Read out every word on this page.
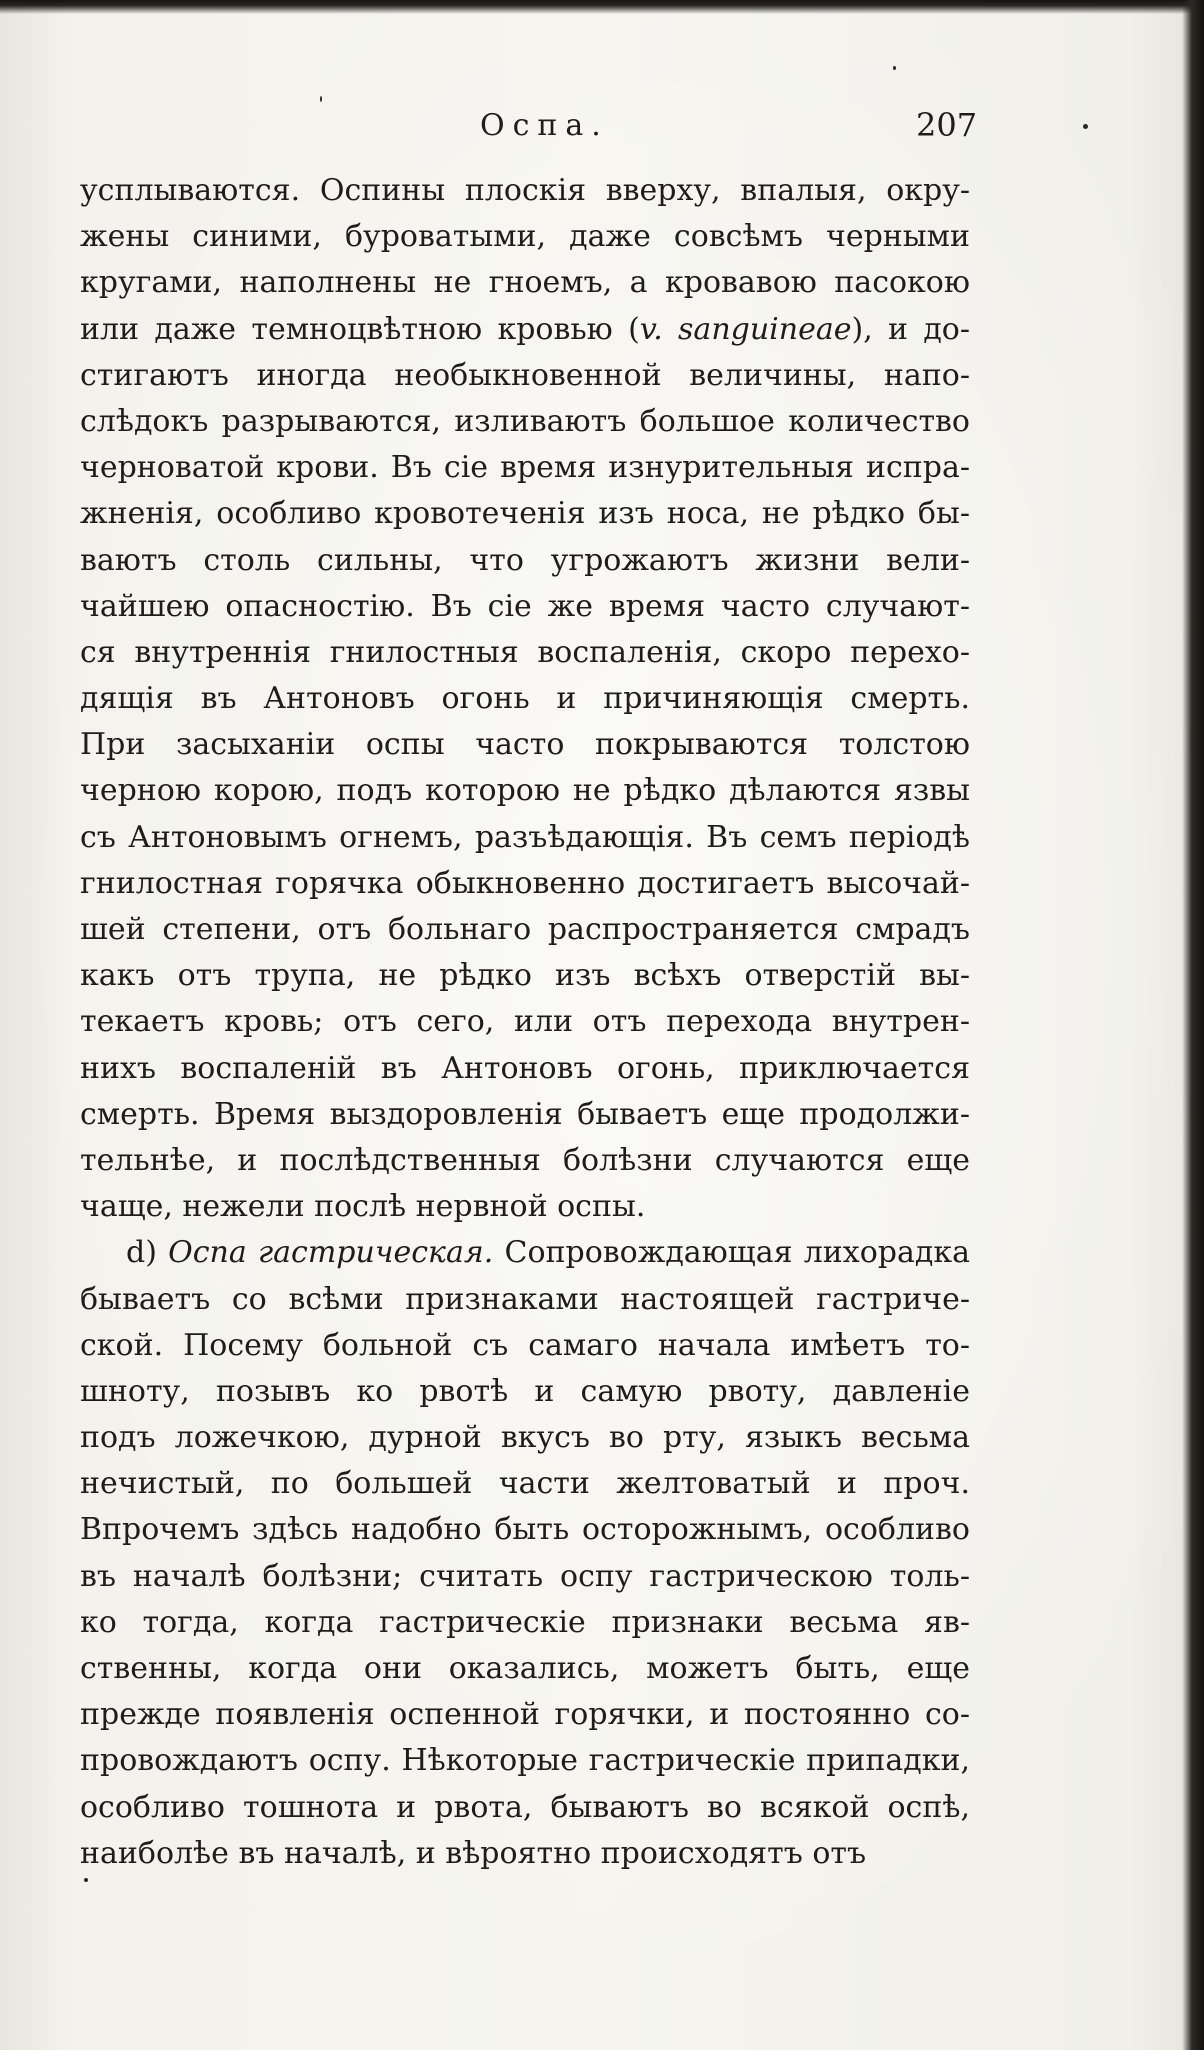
Оспа.	207
усплываются. Оспины плоскія вверху, впалыя, окру-
жены синими, буроватыми, даже совсѣмъ черными
кругами, наполнены не гноемъ, а кровавою пасокою
или даже темноцвѣтною кровью (v. sanguineae), и до-
стигаютъ иногда необыкновенной величины, напо-
слѣдокъ разрываются, изливаютъ большое количество
черноватой крови. Въ сіе время изнурительныя испра-
жненія, особливо кровотеченія изъ носа, не рѣдко бы-
ваютъ столь сильны, что угрожаютъ жизни вели-
чайшею опасностію. Въ сіе же время часто случают-
ся внутреннія гнилостныя воспаленія, скоро перехо-
дящія въ Антоновъ огонь и причиняющія смерть.
При засыханіи оспы часто покрываются толстою
черною корою, подъ которою не рѣдко дѣлаются язвы
съ Антоновымъ огнемъ, разъѣдающія. Въ семъ періодѣ
гнилостная горячка обыкновенно достигаетъ высочай-
шей степени, отъ больнаго распространяется смрадъ
какъ отъ трупа, не рѣдко изъ всѣхъ отверстій вы-
текаетъ кровь; отъ сего, или отъ перехода внутрен-
нихъ воспаленій въ Антоновъ огонь, приключается
смерть. Время выздоровленія бываетъ еще продолжи-
тельнѣе, и послѣдственныя болѣзни случаются еще
чаще, нежели послѣ нервной оспы.
d) Оспа гастрическая. Сопровождающая лихорадка
бываетъ со всѣми признаками настоящей гастриче-
ской. Посему больной съ самаго начала имѣетъ то-
шноту, позывъ ко рвотѣ и самую рвоту, давленіе
подъ ложечкою, дурной вкусъ во рту, языкъ весьма
нечистый, по большей части желтоватый и проч.
Впрочемъ здѣсь надобно быть осторожнымъ, особливо
въ началѣ болѣзни; считать оспу гастрическою толь-
ко тогда, когда гастрическіе признаки весьма яв-
ственны, когда они оказались, можетъ быть, еще
прежде появленія оспенной горячки, и постоянно со-
провождаютъ оспу. Нѣкоторые гастрическіе припадки,
особливо тошнота и рвота, бываютъ во всякой оспѣ,
наиболѣе въ началѣ, и вѣроятно происходятъ отъ
